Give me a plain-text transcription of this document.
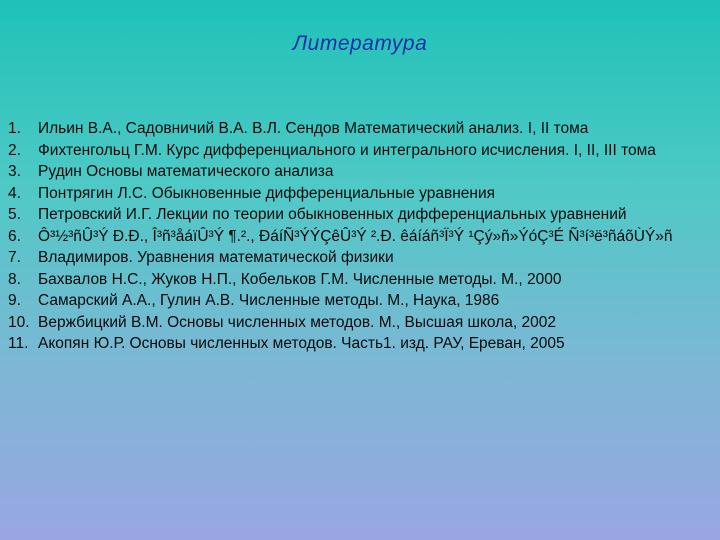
Литература
1.	Ильин В.А., Садовничий В.А. В.Л. Сендов Математический анализ. I, II тома
2.	Фихтенгольц Г.М. Курс дифференциального и интегрального исчисления. I, II, III тома
3.	Рудин Основы математического анализа
4.	Понтрягин Л.С. Обыкновенные дифференциальные уравнения
5.	Петровский И.Г. Лекции по теории обыкновенных дифференциальных уравнений
6.	Ô³½³ñÛ³Ý Ð.Ð., Î³ñ³åáïÛ³Ý ¶.²., ÐáíÑ³ÝÝÇêÛ³Ý ².Ð. êáíáñ³Ï³Ý ¹Çý»ñ»ÝóÇ³É Ñ³í³ë³ñáõÙÝ»ñ
7.	Владимиров. Уравнения математической физики
8.	Бахвалов Н.С., Жуков Н.П., Кобельков Г.М. Численные методы. М., 2000
9.	Самарский А.А., Гулин А.В. Численные методы. М., Наука, 1986
10. Вержбицкий В.М. Основы численных методов. М., Высшая школа, 2002
11. Акопян Ю.Р. Основы численных методов. Часть1. изд. РАУ, Ереван, 2005
